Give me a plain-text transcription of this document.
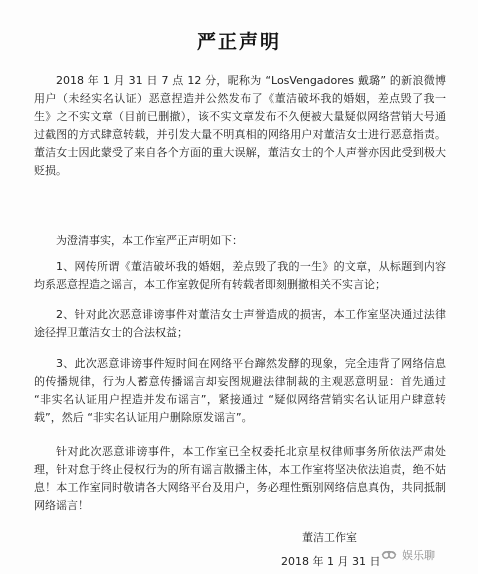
严正声明
2018 年 1 月 31 日 7 点 12 分，昵称为 “LosVengadores 戴璐” 的新浪微博用户（未经实名认证）恶意捏造并公然发布了《董洁破坏我的婚姻，差点毁了我一生》之不实文章（目前已删撤），该不实文章发布不久便被大量疑似网络营销大号通过截图的方式肆意转载，并引发大量不明真相的网络用户对董洁女士进行恶意指责。董洁女士因此蒙受了来自各个方面的重大误解，董洁女士的个人声誉亦因此受到极大贬损。
为澄清事实，本工作室严正声明如下：
1、网传所谓《董洁破坏我的婚姻，差点毁了我的一生》的文章，从标题到内容均系恶意捏造之谣言，本工作室敦促所有转载者即刻删撤相关不实言论；
2、针对此次恶意诽谤事件对董洁女士声誉造成的损害，本工作室坚决通过法律途径捍卫董洁女士的合法权益；
3、此次恶意诽谤事件短时间在网络平台蹿然发酵的现象，完全违背了网络信息的传播规律，行为人蓄意传播谣言却妄图规避法律制裁的主观恶意明显：首先通过 “非实名认证用户捏造并发布谣言”，紧接通过 “疑似网络营销实名认证用户肆意转载”，然后 “非实名认证用户删除原发谣言”。
针对此次恶意诽谤事件，本工作室已全权委托北京星权律师事务所依法严肃处理，针对怠于终止侵权行为的所有谣言散播主体，本工作室将坚决依法追责，绝不姑息！本工作室同时敬请各大网络平台及用户，务必理性甄别网络信息真伪，共同抵制网络谣言！
董洁工作室
2018 年 1 月 31 日 娱乐聊
